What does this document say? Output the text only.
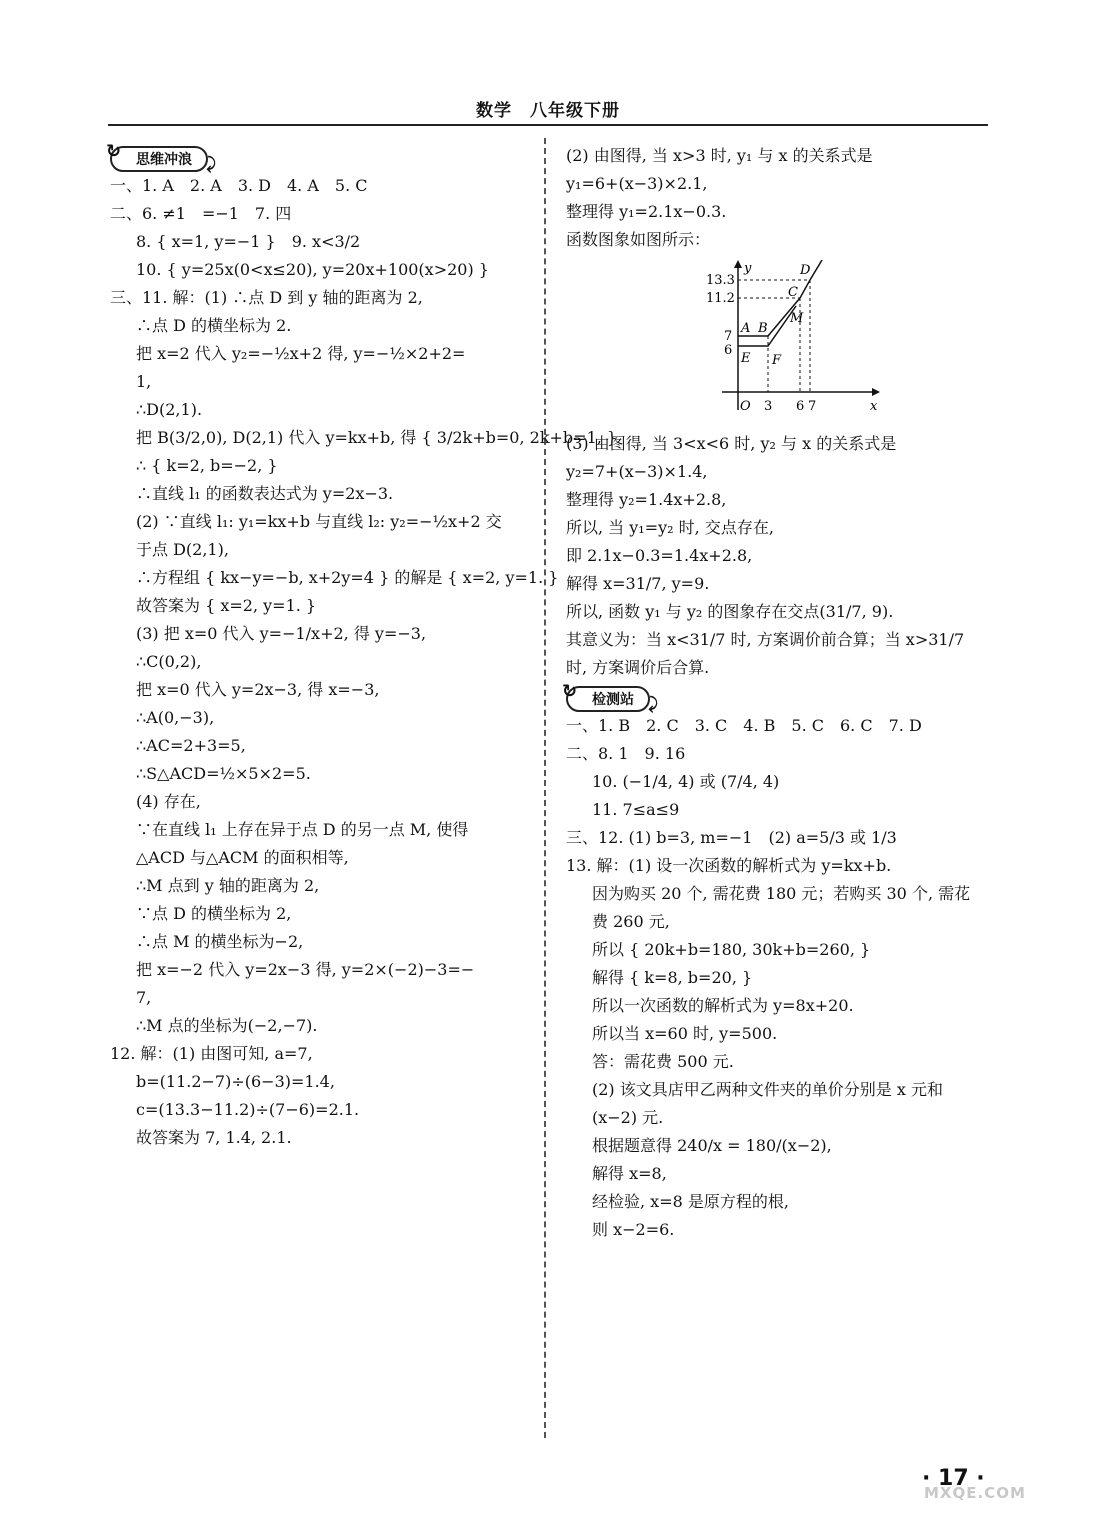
数学　八年级下册
↻ 思维冲浪 ⤸
一、1. A　2. A　3. D　4. A　5. C
二、6. ≠1　=−1　7. 四
8. { x=1, y=−1 }　9. x<3/2
10. { y=25x(0<x≤20), y=20x+100(x>20) }
三、11. 解：(1) ∴点 D 到 y 轴的距离为 2,
∴点 D 的横坐标为 2.
把 x=2 代入 y₂=−½x+2 得, y=−½×2+2=
1,
∴D(2,1).
把 B(3/2,0), D(2,1) 代入 y=kx+b, 得 { 3/2k+b=0, 2k+b=1, }
∴ { k=2, b=−2, }
∴直线 l₁ 的函数表达式为 y=2x−3.
(2) ∵直线 l₁: y₁=kx+b 与直线 l₂: y₂=−½x+2 交
于点 D(2,1),
∴方程组 { kx−y=−b, x+2y=4 } 的解是 { x=2, y=1. }
故答案为 { x=2, y=1. }
(3) 把 x=0 代入 y=−1/x+2, 得 y=−3,
∴C(0,2),
把 x=0 代入 y=2x−3, 得 x=−3,
∴A(0,−3),
∴AC=2+3=5,
∴S△ACD=½×5×2=5.
(4) 存在,
∵在直线 l₁ 上存在异于点 D 的另一点 M, 使得
△ACD 与△ACM 的面积相等,
∴M 点到 y 轴的距离为 2,
∵点 D 的横坐标为 2,
∴点 M 的横坐标为−2,
把 x=−2 代入 y=2x−3 得, y=2×(−2)−3=−
7,
∴M 点的坐标为(−2,−7).
12. 解：(1) 由图可知, a=7,
b=(11.2−7)÷(6−3)=1.4,
c=(13.3−11.2)÷(7−6)=2.1.
故答案为 7, 1.4, 2.1.
(2) 由图得, 当 x>3 时, y₁ 与 x 的关系式是
y₁=6+(x−3)×2.1,
整理得 y₁=2.1x−0.3.
函数图象如图所示：
y
x
O
13.3
11.2
7
6
3 6 7
A B
C
D
E F
M
(3) 由图得, 当 3<x<6 时, y₂ 与 x 的关系式是
y₂=7+(x−3)×1.4,
整理得 y₂=1.4x+2.8,
所以, 当 y₁=y₂ 时, 交点存在,
即 2.1x−0.3=1.4x+2.8,
解得 x=31/7, y=9.
所以, 函数 y₁ 与 y₂ 的图象存在交点(31/7, 9).
其意义为：当 x<31/7 时, 方案调价前合算；当 x>31/7
时, 方案调价后合算.
↻ 检测站 ⤸
一、1. B　2. C　3. C　4. B　5. C　6. C　7. D
二、8. 1　9. 16
10. (−1/4, 4) 或 (7/4, 4)
11. 7≤a≤9
三、12. (1) b=3, m=−1　(2) a=5/3 或 1/3
13. 解：(1) 设一次函数的解析式为 y=kx+b.
因为购买 20 个, 需花费 180 元；若购买 30 个, 需花
费 260 元,
所以 { 20k+b=180, 30k+b=260, }
解得 { k=8, b=20, }
所以一次函数的解析式为 y=8x+20.
所以当 x=60 时, y=500.
答：需花费 500 元.
(2) 该文具店甲乙两种文件夹的单价分别是 x 元和
(x−2) 元.
根据题意得 240/x = 180/(x−2),
解得 x=8,
经检验, x=8 是原方程的根,
则 x−2=6.
· 17 ·
MXQE.COM
